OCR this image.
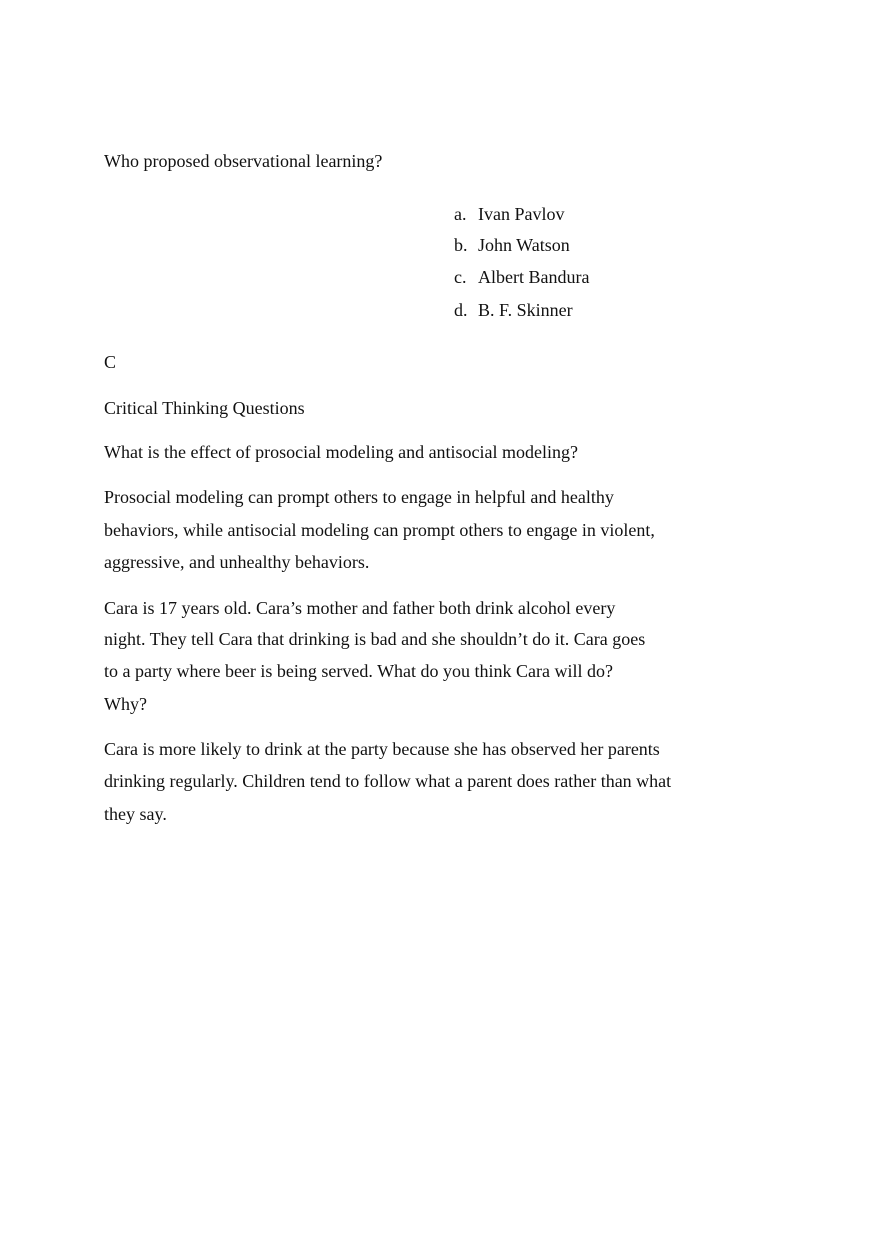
Who proposed observational learning?
a. Ivan Pavlov
b. John Watson
c. Albert Bandura
d. B. F. Skinner
C
Critical Thinking Questions
What is the effect of prosocial modeling and antisocial modeling?
Prosocial modeling can prompt others to engage in helpful and healthy
behaviors, while antisocial modeling can prompt others to engage in violent,
aggressive, and unhealthy behaviors.
Cara is 17 years old. Cara’s mother and father both drink alcohol every
night. They tell Cara that drinking is bad and she shouldn’t do it. Cara goes
to a party where beer is being served. What do you think Cara will do?
Why?
Cara is more likely to drink at the party because she has observed her parents
drinking regularly. Children tend to follow what a parent does rather than what
they say.
